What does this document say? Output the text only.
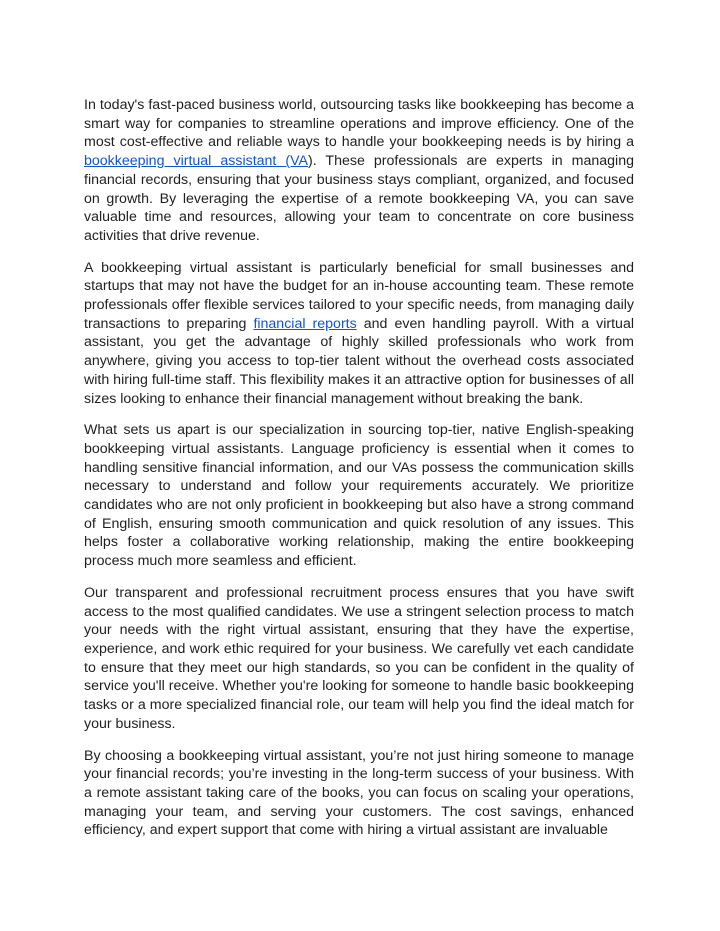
In today's fast-paced business world, outsourcing tasks like bookkeeping has become a smart way for companies to streamline operations and improve efficiency. One of the most cost-effective and reliable ways to handle your bookkeeping needs is by hiring a bookkeeping virtual assistant (VA). These professionals are experts in managing financial records, ensuring that your business stays compliant, organized, and focused on growth. By leveraging the expertise of a remote bookkeeping VA, you can save valuable time and resources, allowing your team to concentrate on core business activities that drive revenue.

A bookkeeping virtual assistant is particularly beneficial for small businesses and startups that may not have the budget for an in-house accounting team. These remote professionals offer flexible services tailored to your specific needs, from managing daily transactions to preparing financial reports and even handling payroll. With a virtual assistant, you get the advantage of highly skilled professionals who work from anywhere, giving you access to top-tier talent without the overhead costs associated with hiring full-time staff. This flexibility makes it an attractive option for businesses of all sizes looking to enhance their financial management without breaking the bank.

What sets us apart is our specialization in sourcing top-tier, native English-speaking bookkeeping virtual assistants. Language proficiency is essential when it comes to handling sensitive financial information, and our VAs possess the communication skills necessary to understand and follow your requirements accurately. We prioritize candidates who are not only proficient in bookkeeping but also have a strong command of English, ensuring smooth communication and quick resolution of any issues. This helps foster a collaborative working relationship, making the entire bookkeeping process much more seamless and efficient.

Our transparent and professional recruitment process ensures that you have swift access to the most qualified candidates. We use a stringent selection process to match your needs with the right virtual assistant, ensuring that they have the expertise, experience, and work ethic required for your business. We carefully vet each candidate to ensure that they meet our high standards, so you can be confident in the quality of service you'll receive. Whether you're looking for someone to handle basic bookkeeping tasks or a more specialized financial role, our team will help you find the ideal match for your business.

By choosing a bookkeeping virtual assistant, you’re not just hiring someone to manage your financial records; you’re investing in the long-term success of your business. With a remote assistant taking care of the books, you can focus on scaling your operations, managing your team, and serving your customers. The cost savings, enhanced efficiency, and expert support that come with hiring a virtual assistant are invaluable
